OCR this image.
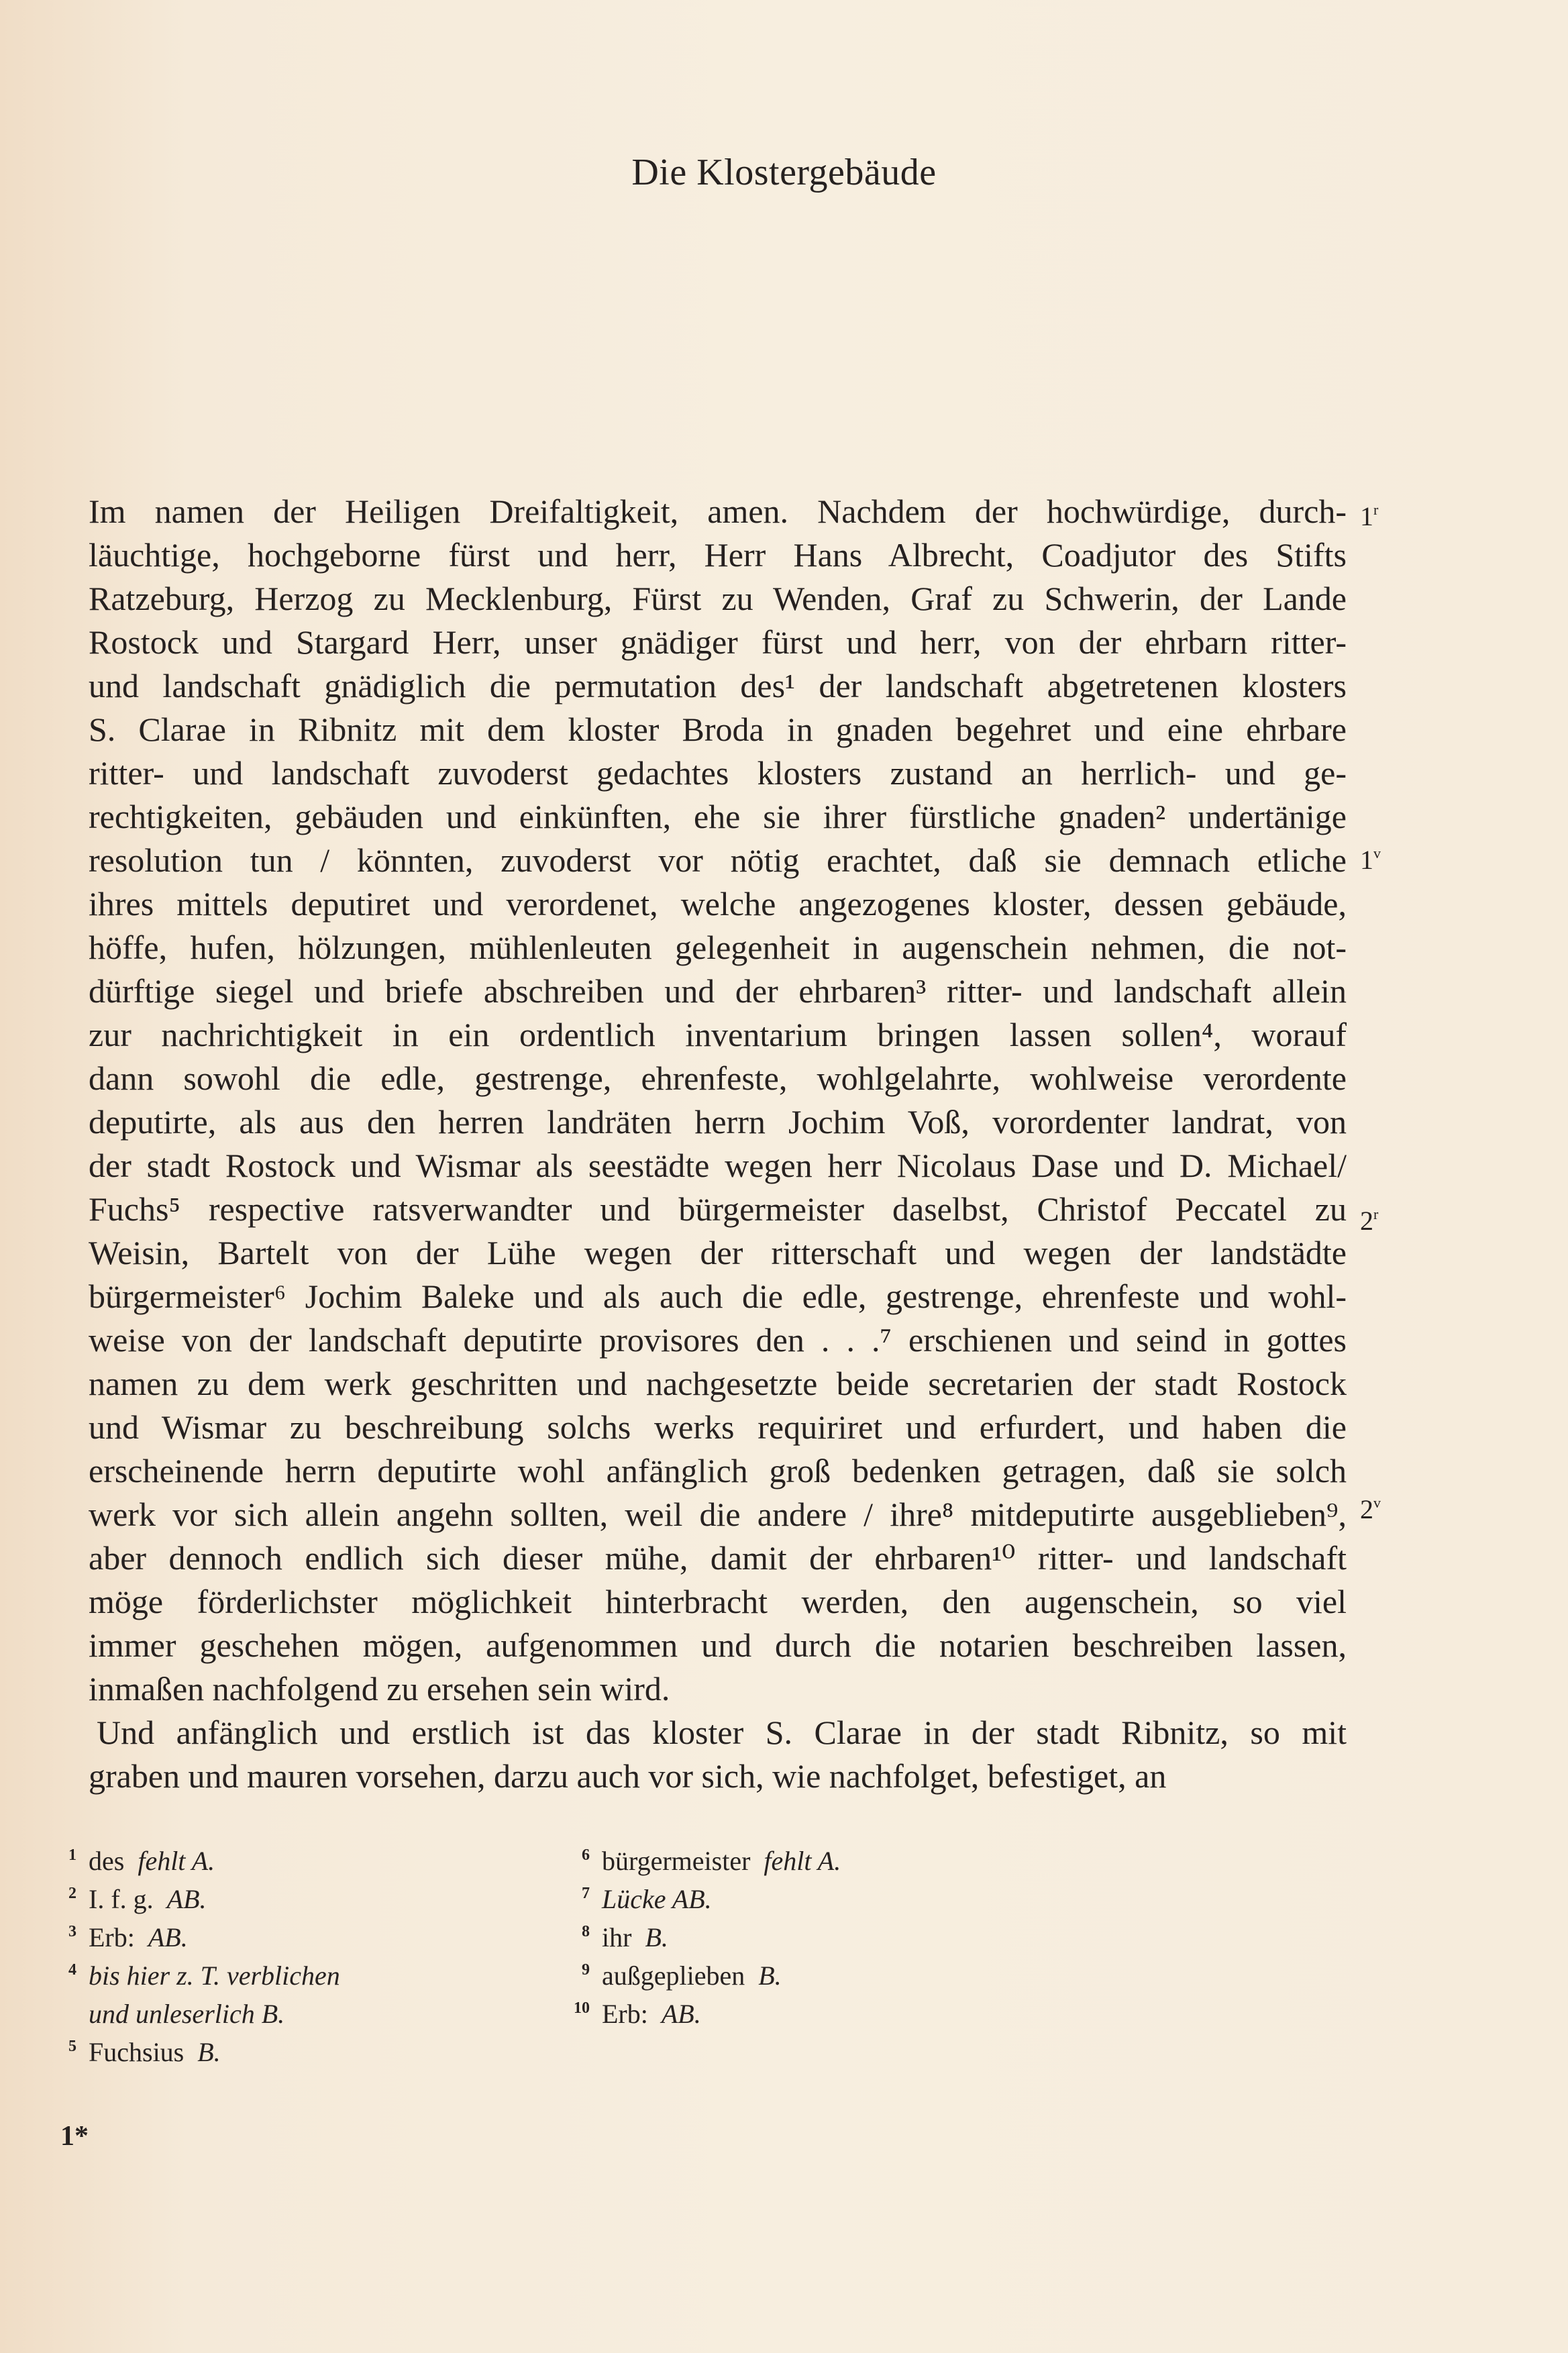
Die Klostergebäude
Im namen der Heiligen Dreifaltigkeit, amen. Nachdem der hochwürdige, durch-
läuchtige, hochgeborne fürst und herr, Herr Hans Albrecht, Coadjutor des Stifts
Ratzeburg, Herzog zu Mecklenburg, Fürst zu Wenden, Graf zu Schwerin, der Lande
Rostock und Stargard Herr, unser gnädiger fürst und herr, von der ehrbarn ritter-
und landschaft gnädiglich die permutation des¹ der landschaft abgetretenen klosters
S. Clarae in Ribnitz mit dem kloster Broda in gnaden begehret und eine ehrbare
ritter- und landschaft zuvoderst gedachtes klosters zustand an herrlich- und ge-
rechtigkeiten, gebäuden und einkünften, ehe sie ihrer fürstliche gnaden² undertänige
resolution tun / könnten, zuvoderst vor nötig erachtet, daß sie demnach etliche
ihres mittels deputiret und verordenet, welche angezogenes kloster, dessen gebäude,
höffe, hufen, hölzungen, mühlenleuten gelegenheit in augenschein nehmen, die not-
dürftige siegel und briefe abschreiben und der ehrbaren³ ritter- und landschaft allein
zur nachrichtigkeit in ein ordentlich inventarium bringen lassen sollen⁴, worauf
dann sowohl die edle, gestrenge, ehrenfeste, wohlgelahrte, wohlweise verordente
deputirte, als aus den herren landräten herrn Jochim Voß, vorordenter landrat, von
der stadt Rostock und Wismar als seestädte wegen herr Nicolaus Dase und D. Michael/
Fuchs⁵ respective ratsverwandter und bürgermeister daselbst, Christof Peccatel zu
Weisin, Bartelt von der Lühe wegen der ritterschaft und wegen der landstädte
bürgermeister⁶ Jochim Baleke und als auch die edle, gestrenge, ehrenfeste und wohl-
weise von der landschaft deputirte provisores den . . .⁷ erschienen und seind in gottes
namen zu dem werk geschritten und nachgesetzte beide secretarien der stadt Rostock
und Wismar zu beschreibung solchs werks requiriret und erfurdert, und haben die
erscheinende herrn deputirte wohl anfänglich groß bedenken getragen, daß sie solch
werk vor sich allein angehn sollten, weil die andere / ihre⁸ mitdeputirte ausgeblieben⁹,
aber dennoch endlich sich dieser mühe, damit der ehrbaren¹⁰ ritter- und landschaft
möge förderlichster möglichkeit hinterbracht werden, den augenschein, so viel
immer geschehen mögen, aufgenommen und durch die notarien beschreiben lassen,
inmaßen nachfolgend zu ersehen sein wird.
Und anfänglich und erstlich ist das kloster S. Clarae in der stadt Ribnitz, so mit
graben und mauren vorsehen, darzu auch vor sich, wie nachfolget, befestiget, an
1$^r$
1$^v$
2$^r$
2$^v$
1 des  fehlt A.
2 I. f. g.  AB.
3 Erb:  AB.
4 bis hier z. T. verblichen
und unleserlich B.
5 Fuchsius  B.
6 bürgermeister  fehlt A.
7 Lücke AB.
8 ihr  B.
9 außgeplieben  B.
10 Erb:  AB.
1*
